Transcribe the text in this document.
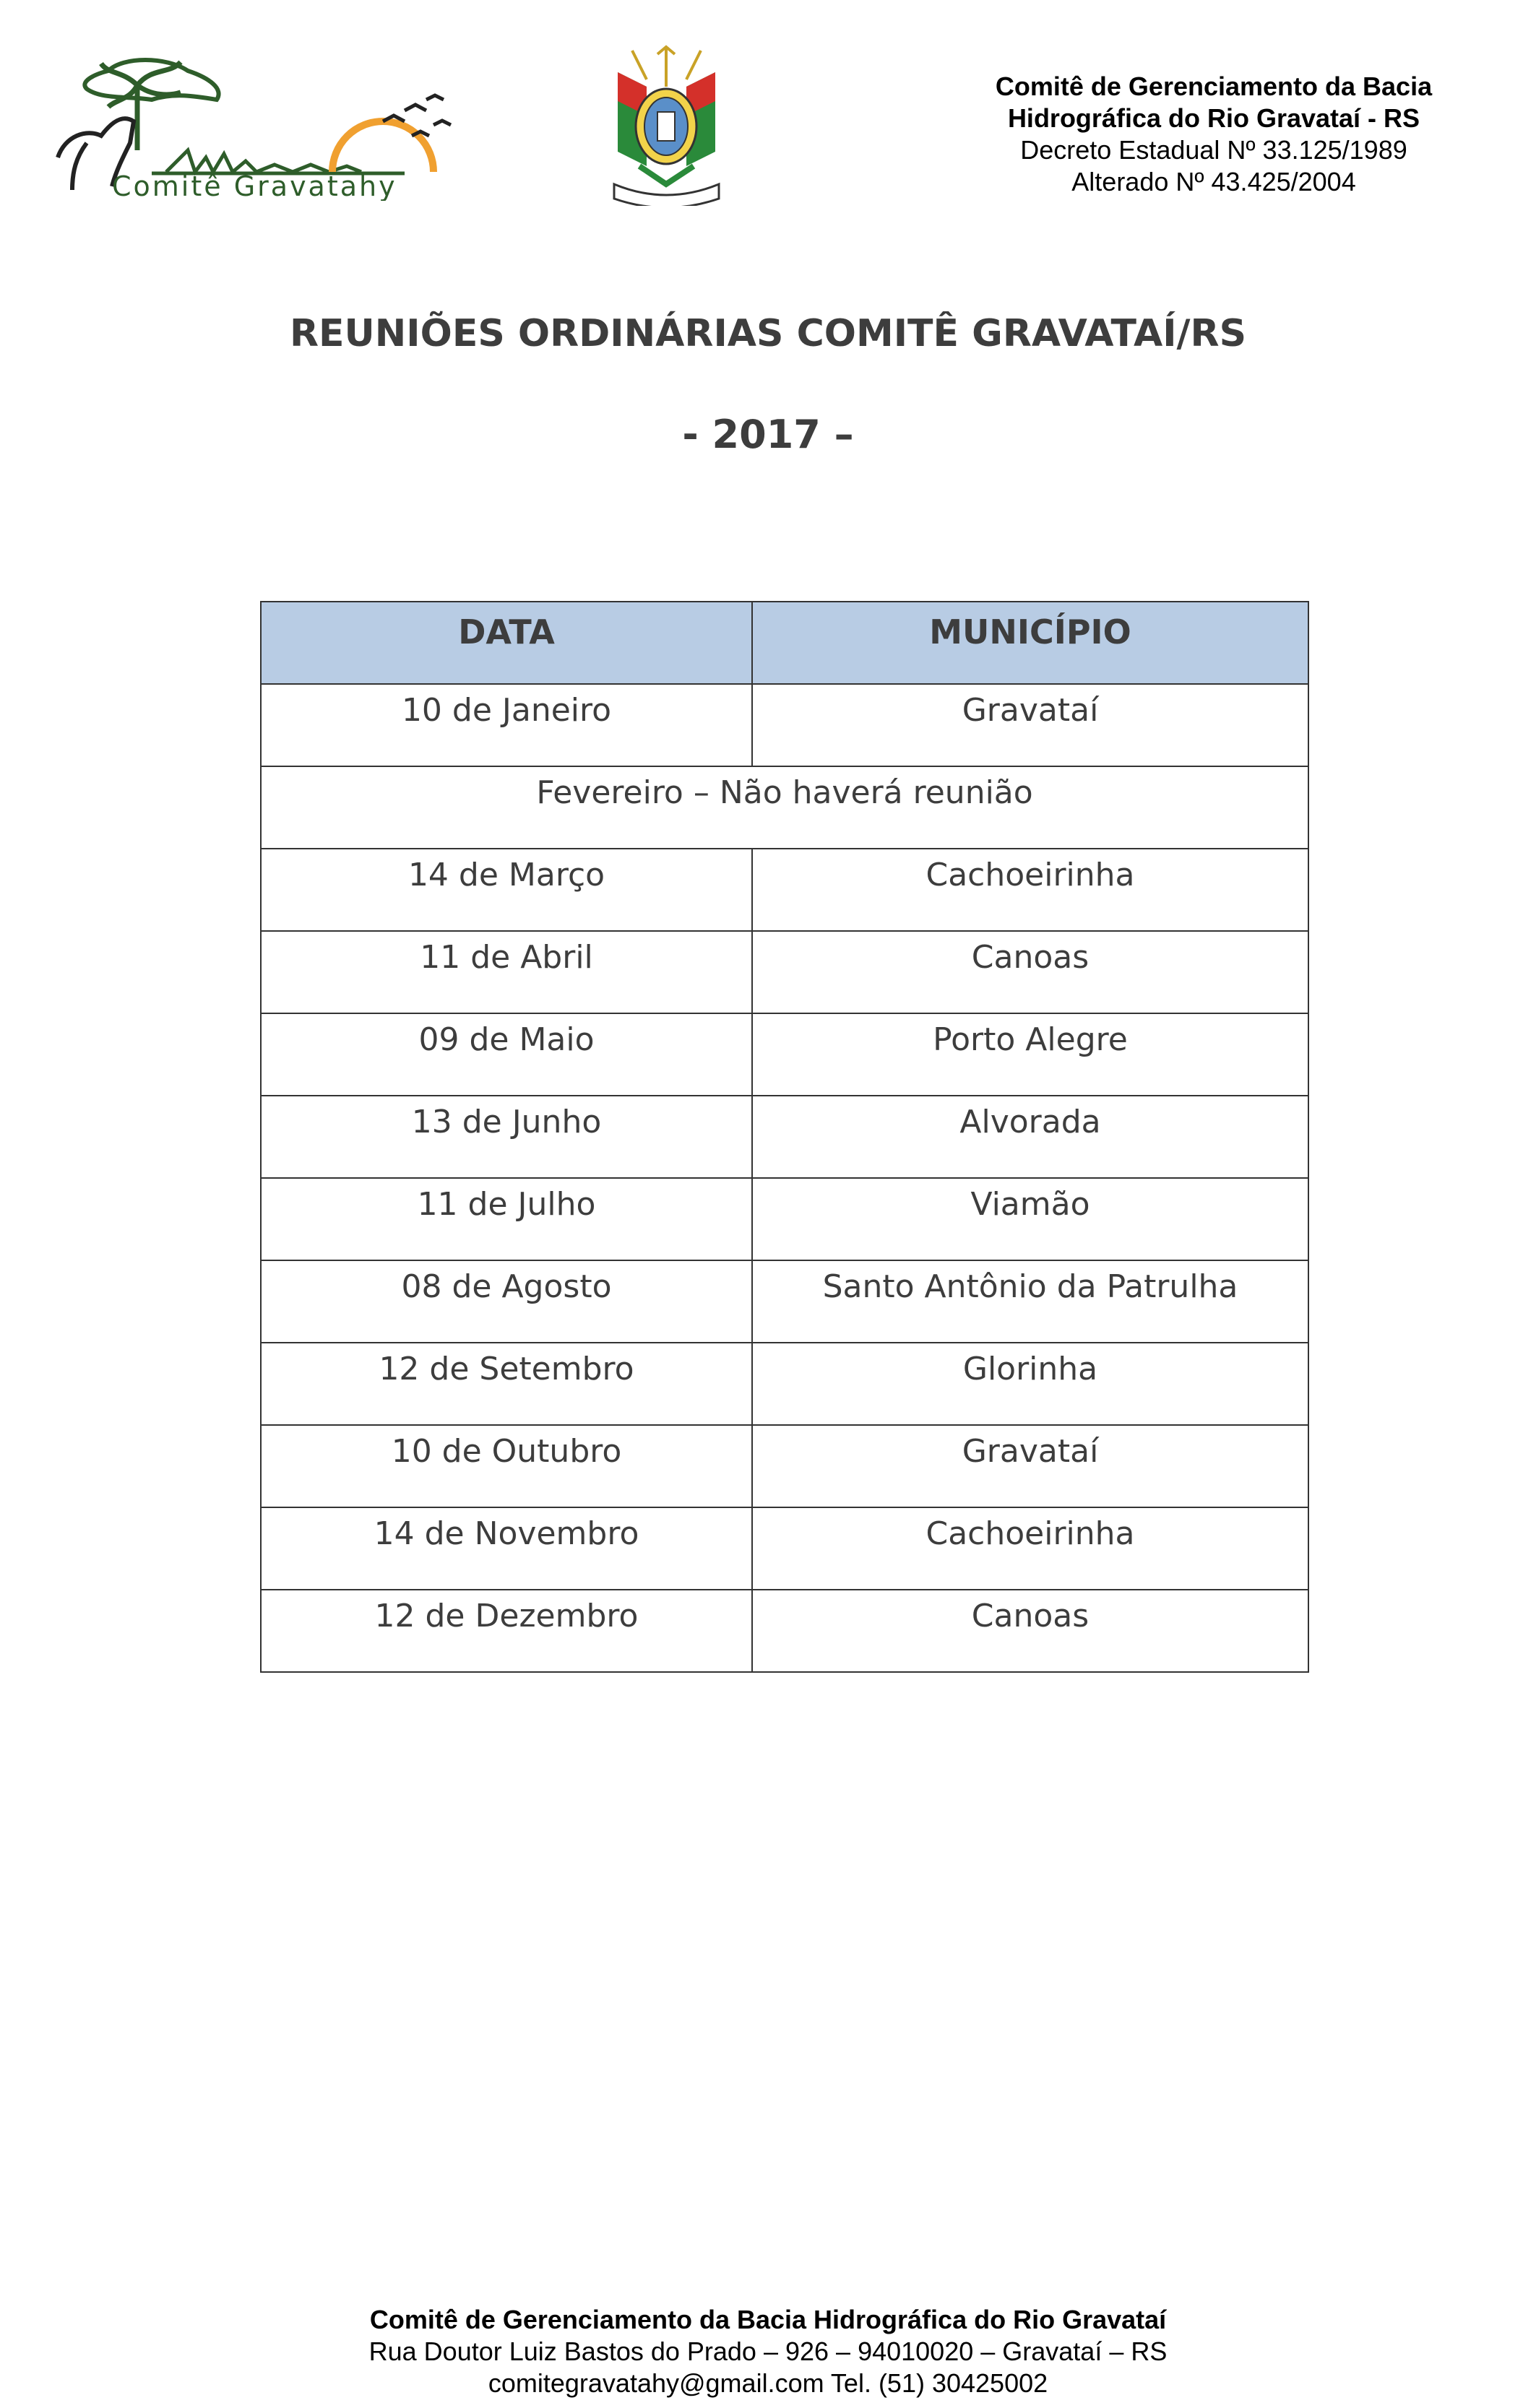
Comitê Gravatahy
Comitê de Gerenciamento da Bacia
Hidrográfica do Rio Gravataí - RS
Decreto Estadual Nº 33.125/1989
Alterado Nº 43.425/2004
REUNIÕES ORDINÁRIAS COMITÊ GRAVATAÍ/RS
- 2017 –
DATA	MUNICÍPIO
10 de Janeiro	Gravataí
Fevereiro – Não haverá reunião	
14 de Março	Cachoeirinha
11 de Abril	Canoas
09 de Maio	Porto Alegre
13 de Junho	Alvorada
11 de Julho	Viamão
08 de Agosto	Santo Antônio da Patrulha
12 de Setembro	Glorinha
10 de Outubro	Gravataí
14 de Novembro	Cachoeirinha
12 de Dezembro	Canoas
Comitê de Gerenciamento da Bacia Hidrográfica do Rio Gravataí
Rua Doutor Luiz Bastos do Prado – 926 – 94010020 – Gravataí – RS
comitegravatahy@gmail.com Tel. (51) 30425002
